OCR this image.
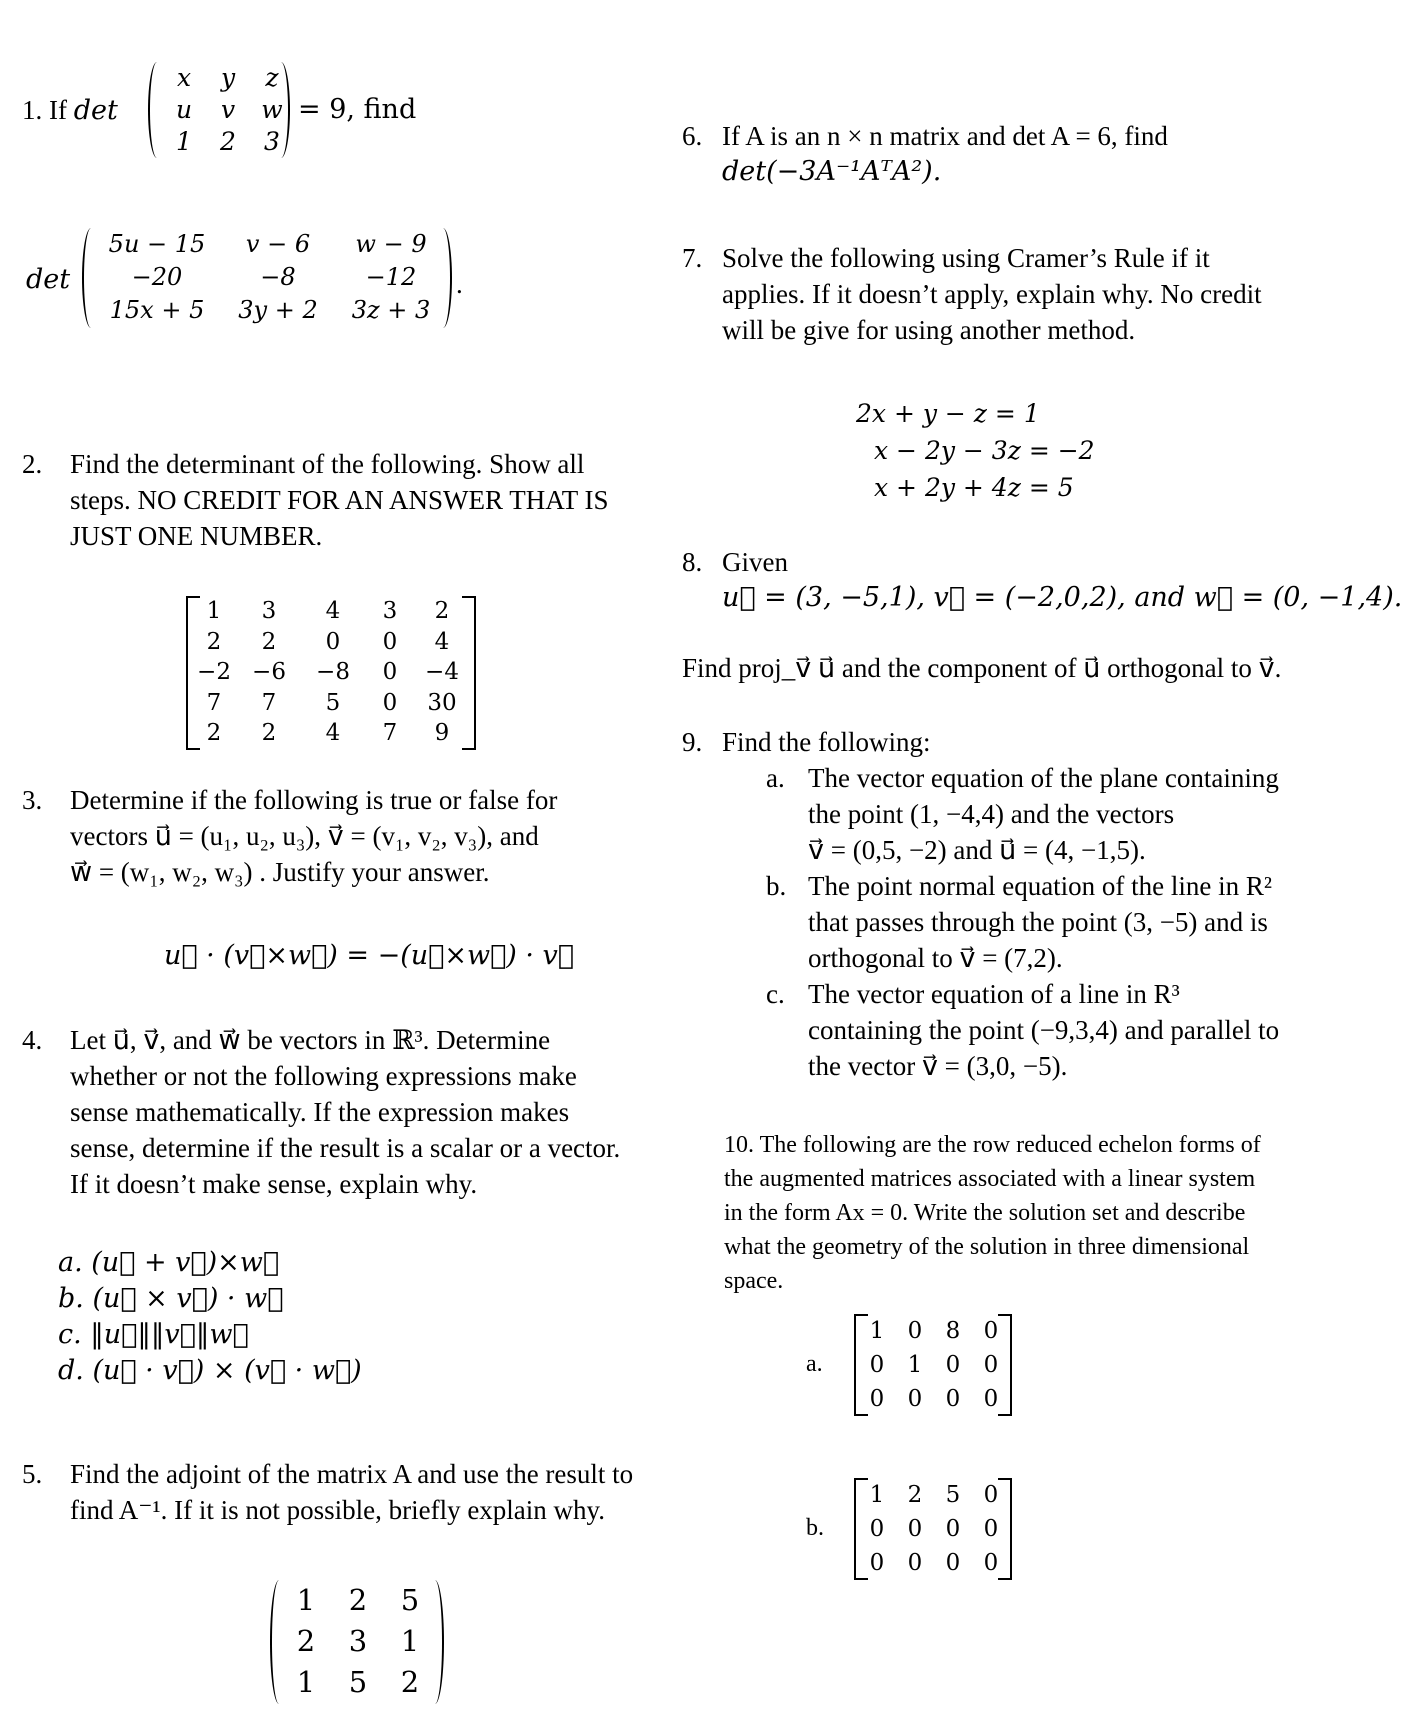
1. If det
x	y	z
u	v	w
1	2	3
= 9, find
det
5u − 15	v − 6	w − 9
−20	−8	−12
15x + 5	3y + 2	3z + 3
.
2. Find the determinant of the following. Show all
steps. NO CREDIT FOR AN ANSWER THAT IS
JUST ONE NUMBER.
1	3	4	3	2
2	2	0	0	4
−2 −6	−8	0	−4
7	7	5	0	30
2	2	4	7	9
3. Determine if the following is true or false for
vectors u⃗ = (u₁, u₂, u₃), v⃗ = (v₁, v₂, v₃), and
w⃗ = (w₁, w₂, w₃) . Justify your answer.
u⃗ · (v⃗×w⃗) = −(u⃗×w⃗) · v⃗
4. Let u⃗, v⃗, and w⃗ be vectors in ℝ³. Determine
whether or not the following expressions make
sense mathematically. If the expression makes
sense, determine if the result is a scalar or a vector.
If it doesn’t make sense, explain why.
a. (u⃗ + v⃗)×w⃗
b. (u⃗ × v⃗) · w⃗
c. ‖u⃗‖‖v⃗‖w⃗
d. (u⃗ · v⃗) × (v⃗ · w⃗)
5. Find the adjoint of the matrix A and use the result to
find A⁻¹. If it is not possible, briefly explain why.
1	2	5
2	3	1
1	5	2
6. If A is an n × n matrix and det A = 6, find
det(−3A⁻¹AᵀA²).
7. Solve the following using Cramer’s Rule if it
applies. If it doesn’t apply, explain why. No credit
will be give for using another method.
2x + y − z = 1
x − 2y − 3z = −2
x + 2y + 4z = 5
8. Given
u⃗ = (3, −5,1), v⃗ = (−2,0,2), and w⃗ = (0, −1,4).
Find proj_v⃗ u⃗ and the component of u⃗ orthogonal to v⃗.
9. Find the following:
a. The vector equation of the plane containing
the point (1, −4,4) and the vectors
v⃗ = (0,5, −2) and u⃗ = (4, −1,5).
b. The point normal equation of the line in R²
that passes through the point (3, −5) and is
orthogonal to v⃗ = (7,2).
c. The vector equation of a line in R³
containing the point (−9,3,4) and parallel to
the vector v⃗ = (3,0, −5).
10. The following are the row reduced echelon forms of
the augmented matrices associated with a linear system
in the form Ax = 0. Write the solution set and describe
what the geometry of the solution in three dimensional
space.
a.
1	0	8	0
0	1	0	0
0	0	0	0
b.
1	2	5	0
0	0	0	0
0	0	0	0
